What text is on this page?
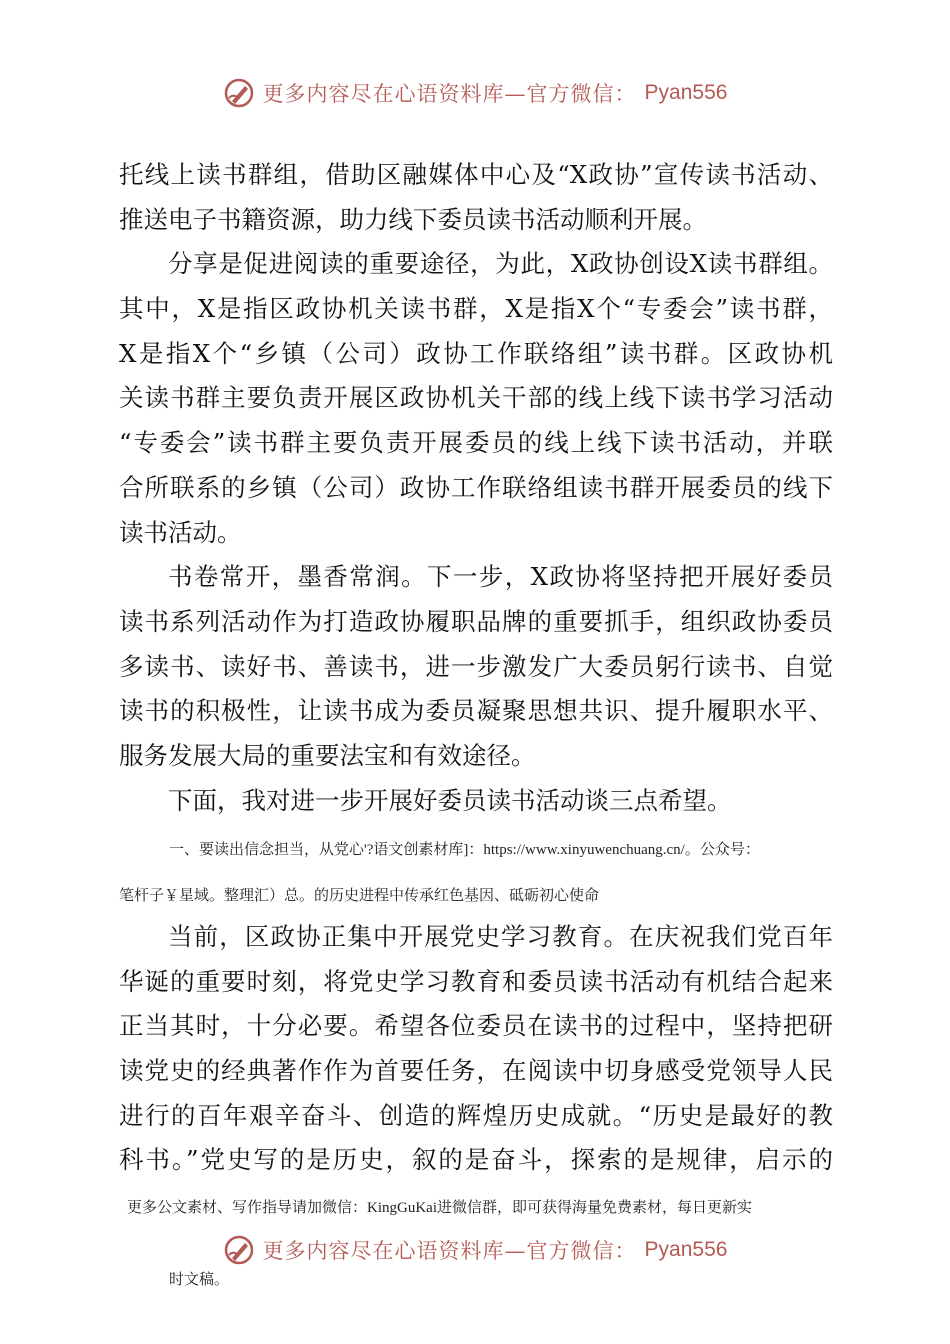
更多内容尽在心语资料库—官方微信： Pyan556
托线上读书群组，借助区融媒体中心及“X政协”宣传读书活动、
推送电子书籍资源，助力线下委员读书活动顺利开展。
分享是促进阅读的重要途径，为此，X政协创设X读书群组。
其中，X是指区政协机关读书群，X是指X个“专委会”读书群，
X是指X个“乡镇（公司）政协工作联络组”读书群。区政协机
关读书群主要负责开展区政协机关干部的线上线下读书学习活动
“专委会”读书群主要负责开展委员的线上线下读书活动，并联
合所联系的乡镇（公司）政协工作联络组读书群开展委员的线下
读书活动。
书卷常开，墨香常润。下一步，X政协将坚持把开展好委员
读书系列活动作为打造政协履职品牌的重要抓手，组织政协委员
多读书、读好书、善读书，进一步激发广大委员躬行读书、自觉
读书的积极性，让读书成为委员凝聚思想共识、提升履职水平、
服务发展大局的重要法宝和有效途径。
下面，我对进一步开展好委员读书活动谈三点希望。
一、要读出信念担当，从党心'?语文创素材库]：https://www.xinyuwenchuang.cn/。公众号：
笔杆子￥星域。整理汇）总。的历史进程中传承红色基因、砥砺初心使命
当前，区政协正集中开展党史学习教育。在庆祝我们党百年
华诞的重要时刻，将党史学习教育和委员读书活动有机结合起来
正当其时，十分必要。希望各位委员在读书的过程中，坚持把研
读党史的经典著作作为首要任务，在阅读中切身感受党领导人民
进行的百年艰辛奋斗、创造的辉煌历史成就。“历史是最好的教
科书。”党史写的是历史，叙的是奋斗，探索的是规律，启示的
更多公文素材、写作指导请加微信：KingGuKai进微信群，即可获得海量免费素材，每日更新实
更多内容尽在心语资料库—官方微信： Pyan556
时文稿。
